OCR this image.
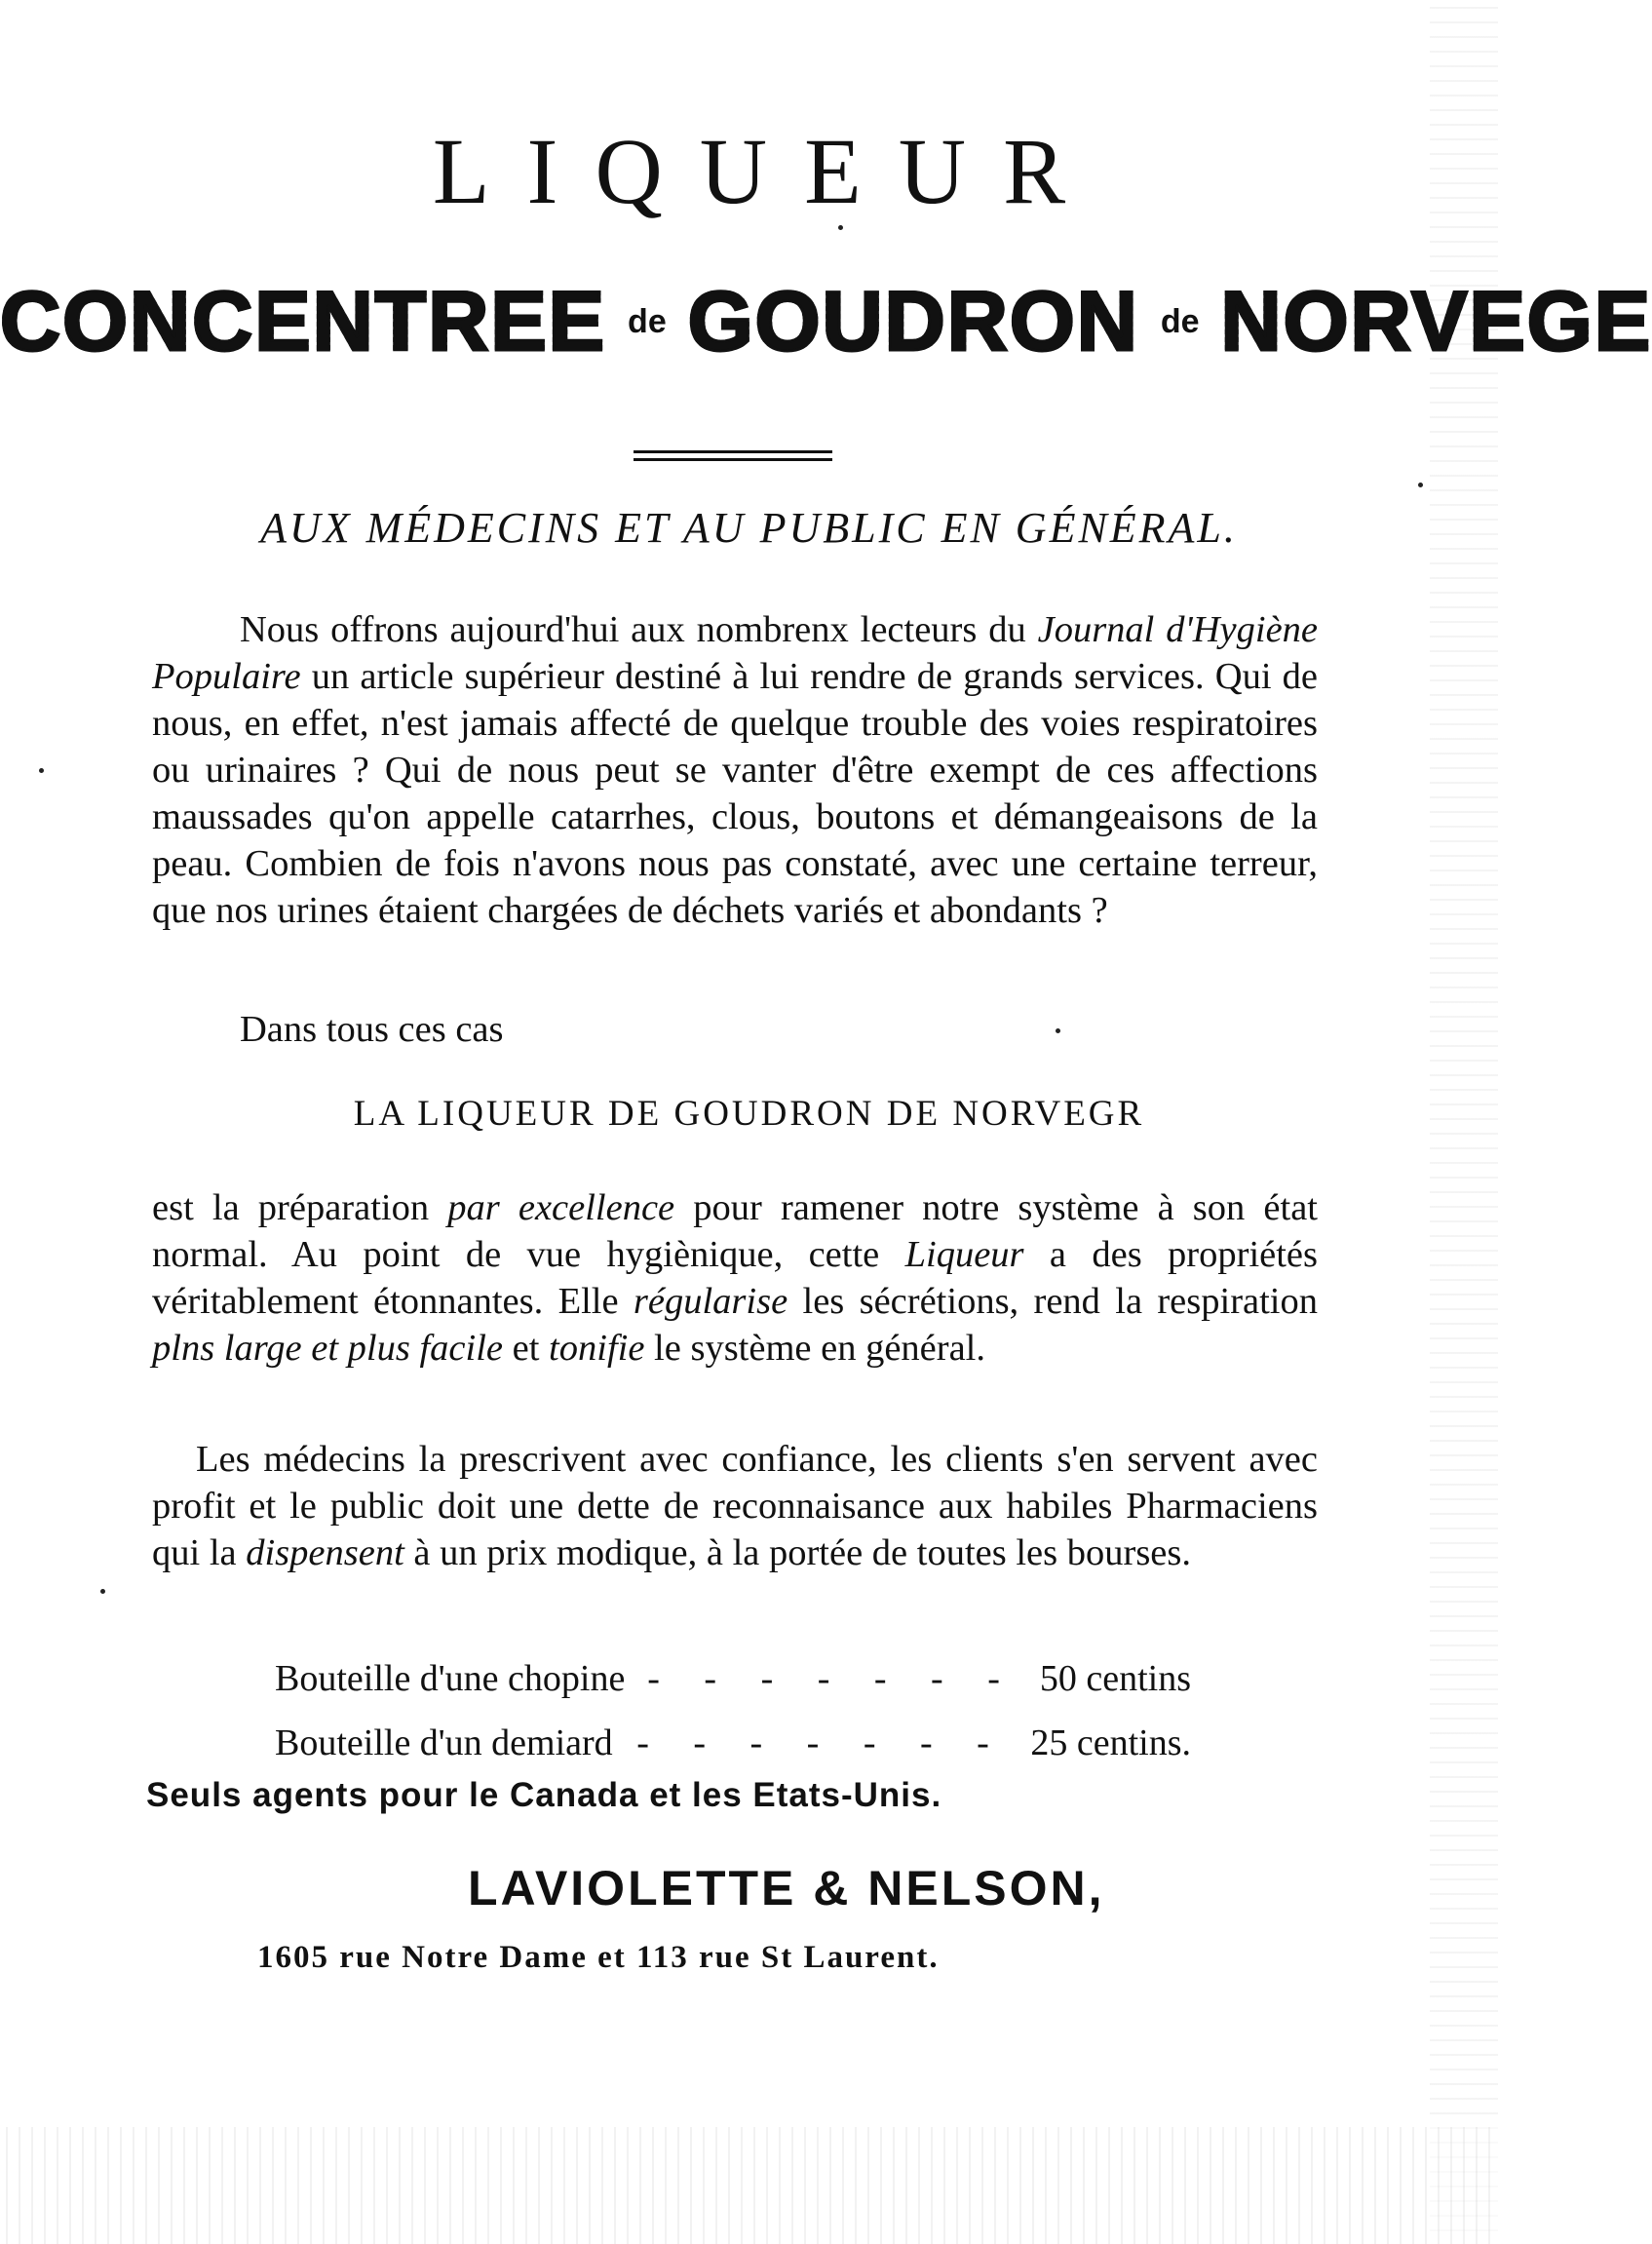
LIQUEUR
CONCENTREE $^{de}$ GOUDRON $^{de}$ NORVEGE
AUX MÉDECINS ET AU PUBLIC EN GÉNÉRAL.

Nous offrons aujourd'hui aux nombrenx lecteurs du Journal d'Hygiène Populaire un article supérieur destiné à lui rendre de grands services. Qui de nous, en effet, n'est jamais affecté de quelque trouble des voies respiratoires ou urinaires ? Qui de nous peut se vanter d'être exempt de ces affections maussades qu'on appelle catarrhes, clous, boutons et démangeaisons de la peau. Combien de fois n'avons nous pas constaté, avec une certaine terreur, que nos urines étaient chargées de déchets variés et abondants ?

Dans tous ces cas

LA LIQUEUR DE GOUDRON DE NORVEGR

est la préparation par excellence pour ramener notre système à son état normal. Au point de vue hygiènique, cette Liqueur a des propriétés véritablement étonnantes. Elle régularise les sécrétions, rend la respiration plns large et plus facile et tonifie le système en général.

Les médecins la prescrivent avec confiance, les clients s'en servent avec profit et le public doit une dette de reconnaisance aux habiles Pharmaciens qui la dispensent à un prix modique, à la portée de toutes les bourses.

Bouteille d'une chopine - - - - - - - 50 centins
Bouteille d'un demiard - - - - - - - 25 centins.
Seuls agents pour le Canada et les Etats-Unis.
LAVIOLETTE & NELSON,
1605 rue Notre Dame et 113 rue St Laurent.
